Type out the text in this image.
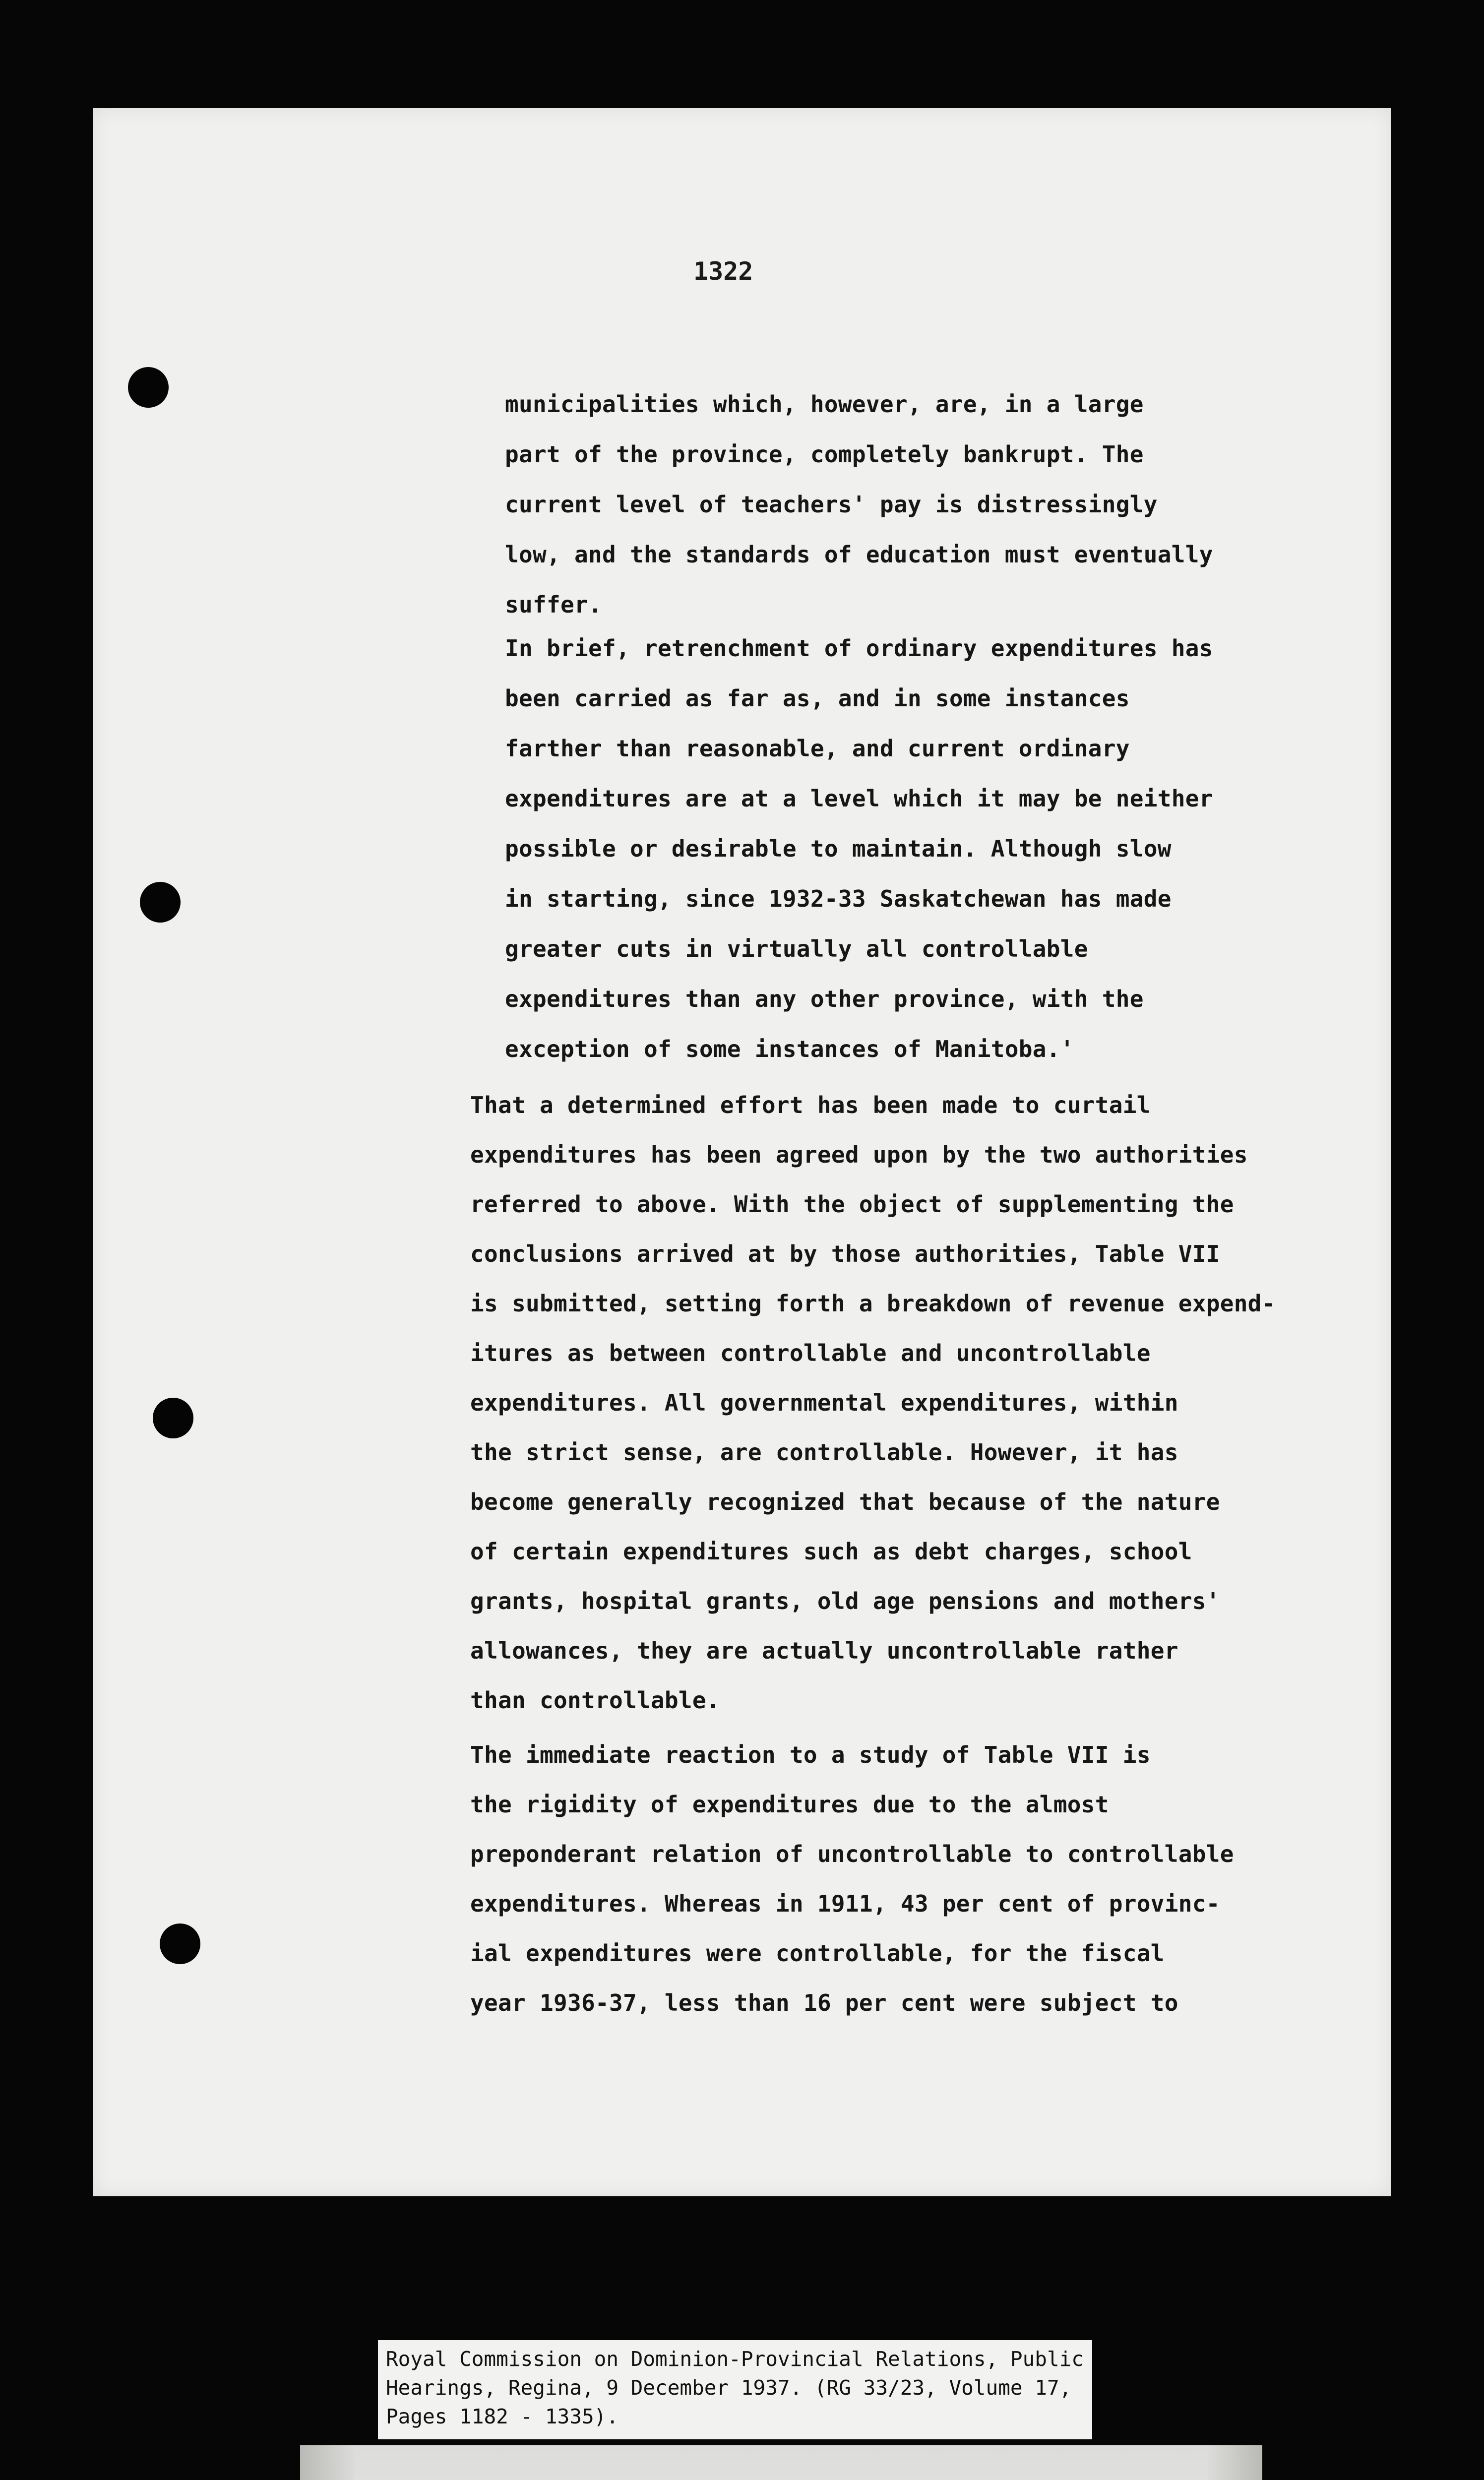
1322
municipalities which, however, are, in a large
part of the province, completely bankrupt. The
current level of teachers' pay is distressingly
low, and the standards of education must eventually
suffer.
In brief, retrenchment of ordinary expenditures has
been carried as far as, and in some instances
farther than reasonable, and current ordinary
expenditures are at a level which it may be neither
possible or desirable to maintain. Although slow
in starting, since 1932-33 Saskatchewan has made
greater cuts in virtually all controllable
expenditures than any other province, with the
exception of some instances of Manitoba.'
That a determined effort has been made to curtail
expenditures has been agreed upon by the two authorities
referred to above. With the object of supplementing the
conclusions arrived at by those authorities, Table VII
is submitted, setting forth a breakdown of revenue expend-
itures as between controllable and uncontrollable
expenditures. All governmental expenditures, within
the strict sense, are controllable. However, it has
become generally recognized that because of the nature
of certain expenditures such as debt charges, school
grants, hospital grants, old age pensions and mothers'
allowances, they are actually uncontrollable rather
than controllable.
The immediate reaction to a study of Table VII is
the rigidity of expenditures due to the almost
preponderant relation of uncontrollable to controllable
expenditures. Whereas in 1911, 43 per cent of provinc-
ial expenditures were controllable, for the fiscal
year 1936-37, less than 16 per cent were subject to
Royal Commission on Dominion-Provincial Relations, Public
Hearings, Regina, 9 December 1937. (RG 33/23, Volume 17,
Pages 1182 - 1335).
